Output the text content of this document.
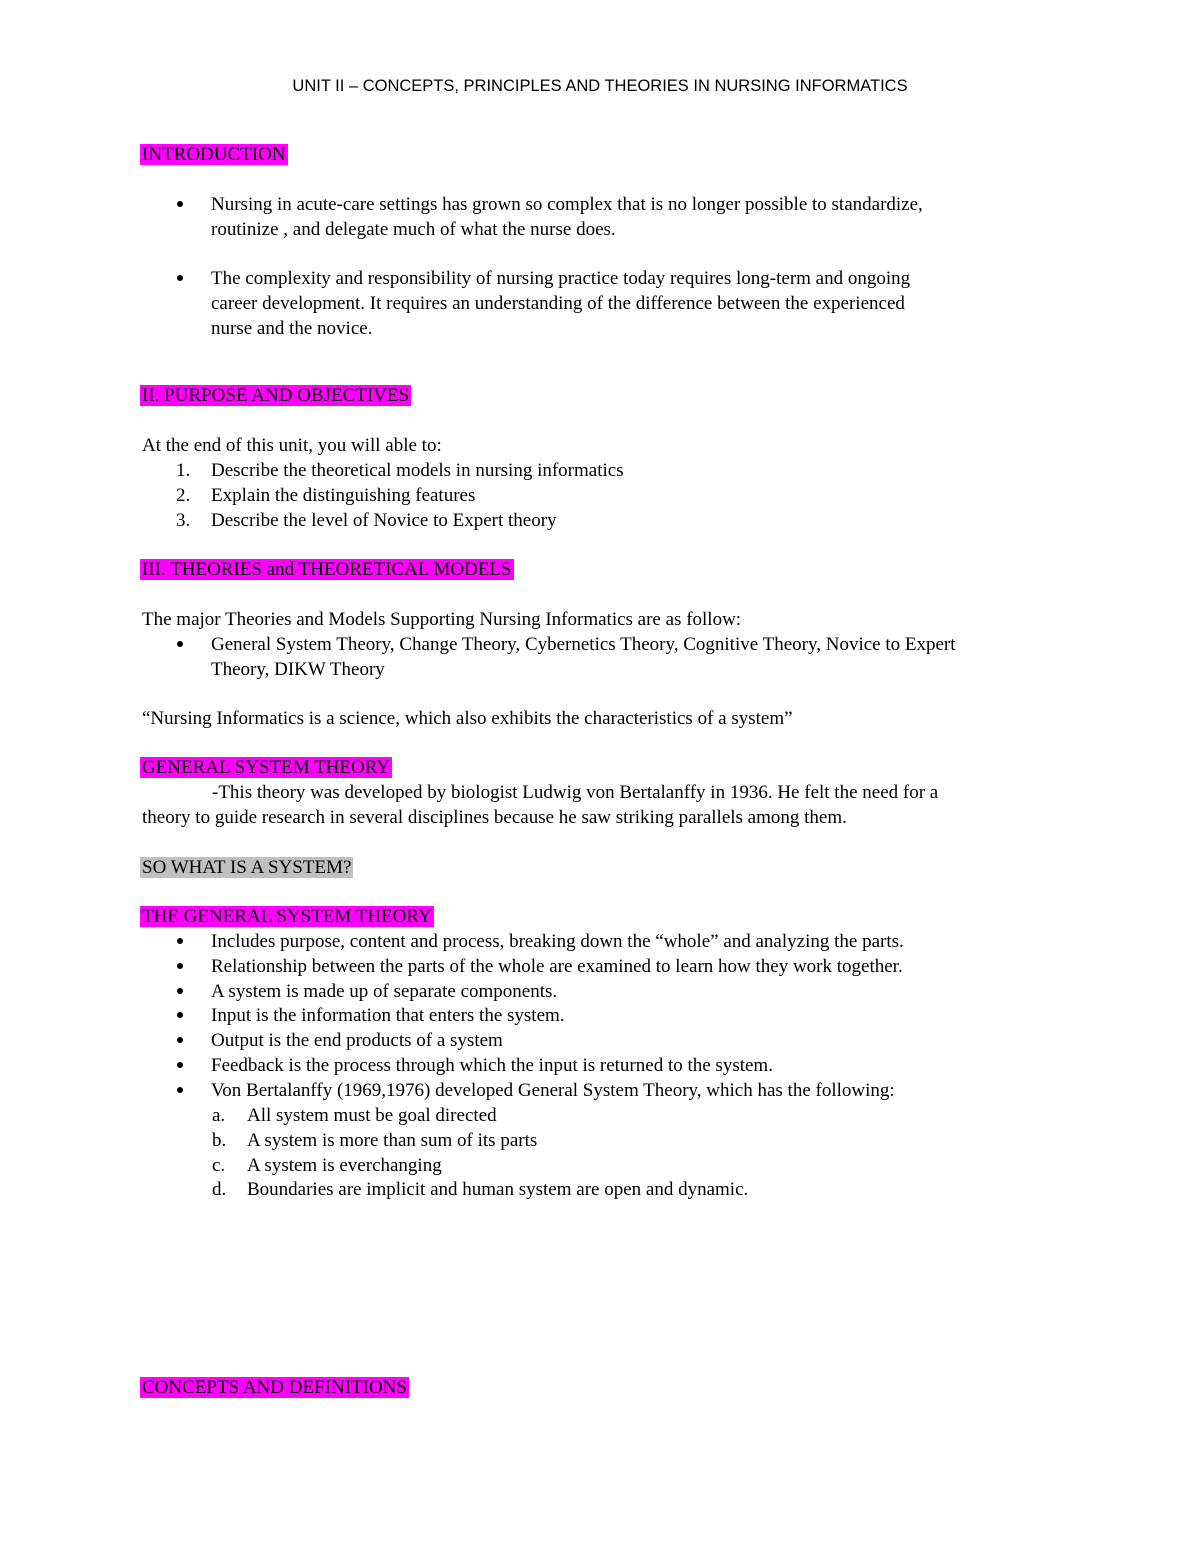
UNIT II – CONCEPTS, PRINCIPLES AND THEORIES IN NURSING INFORMATICS
INTRODUCTION
Nursing in acute-care settings has grown so complex that is no longer possible to standardize,
routinize , and delegate much of what the nurse does.
The complexity and responsibility of nursing practice today requires long-term and ongoing
career development. It requires an understanding of the difference between the experienced
nurse and the novice.
II. PURPOSE AND OBJECTIVES
At the end of this unit, you will able to:
1. Describe the theoretical models in nursing informatics
2. Explain the distinguishing features
3. Describe the level of Novice to Expert theory
III. THEORIES and THEORETICAL MODELS
The major Theories and Models Supporting Nursing Informatics are as follow:
General System Theory, Change Theory, Cybernetics Theory, Cognitive Theory, Novice to Expert
Theory, DIKW Theory
“Nursing Informatics is a science, which also exhibits the characteristics of a system”
GENERAL SYSTEM THEORY
-This theory was developed by biologist Ludwig von Bertalanffy in 1936. He felt the need for a
theory to guide research in several disciplines because he saw striking parallels among them.
SO WHAT IS A SYSTEM?
THE GENERAL SYSTEM THEORY
Includes purpose, content and process, breaking down the “whole” and analyzing the parts.
Relationship between the parts of the whole are examined to learn how they work together.
A system is made up of separate components.
Input is the information that enters the system.
Output is the end products of a system
Feedback is the process through which the input is returned to the system.
Von Bertalanffy (1969,1976) developed General System Theory, which has the following:
a. All system must be goal directed
b. A system is more than sum of its parts
c. A system is everchanging
d. Boundaries are implicit and human system are open and dynamic.
CONCEPTS AND DEFINITIONS
